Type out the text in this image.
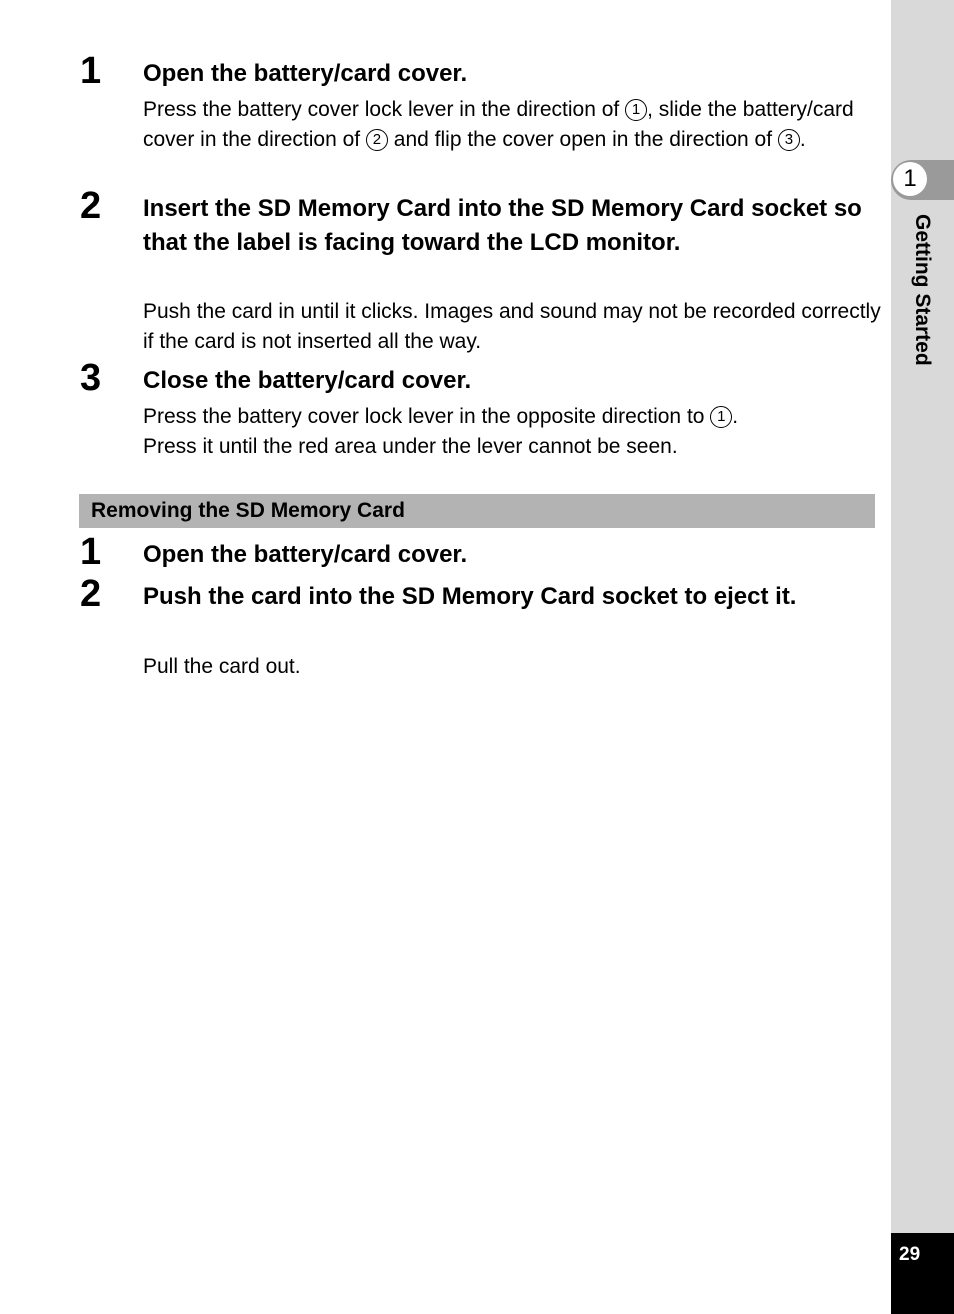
1
Getting Started
29
1 Open the battery/card cover.
Press the battery cover lock lever in the direction of 1 , slide the battery/card cover in the direction of 2 and flip the cover open in the direction of 3 .
2 Insert the SD Memory Card into the SD Memory Card socket so that the label is facing toward the LCD monitor.
Push the card in until it clicks. Images and sound may not be recorded correctly if the card is not inserted all the way.
3 Close the battery/card cover.
Press the battery cover lock lever in the opposite direction to 1 .
Press it until the red area under the lever cannot be seen.
Removing the SD Memory Card
1 Open the battery/card cover.
2 Push the card into the SD Memory Card socket to eject it.
Pull the card out.
